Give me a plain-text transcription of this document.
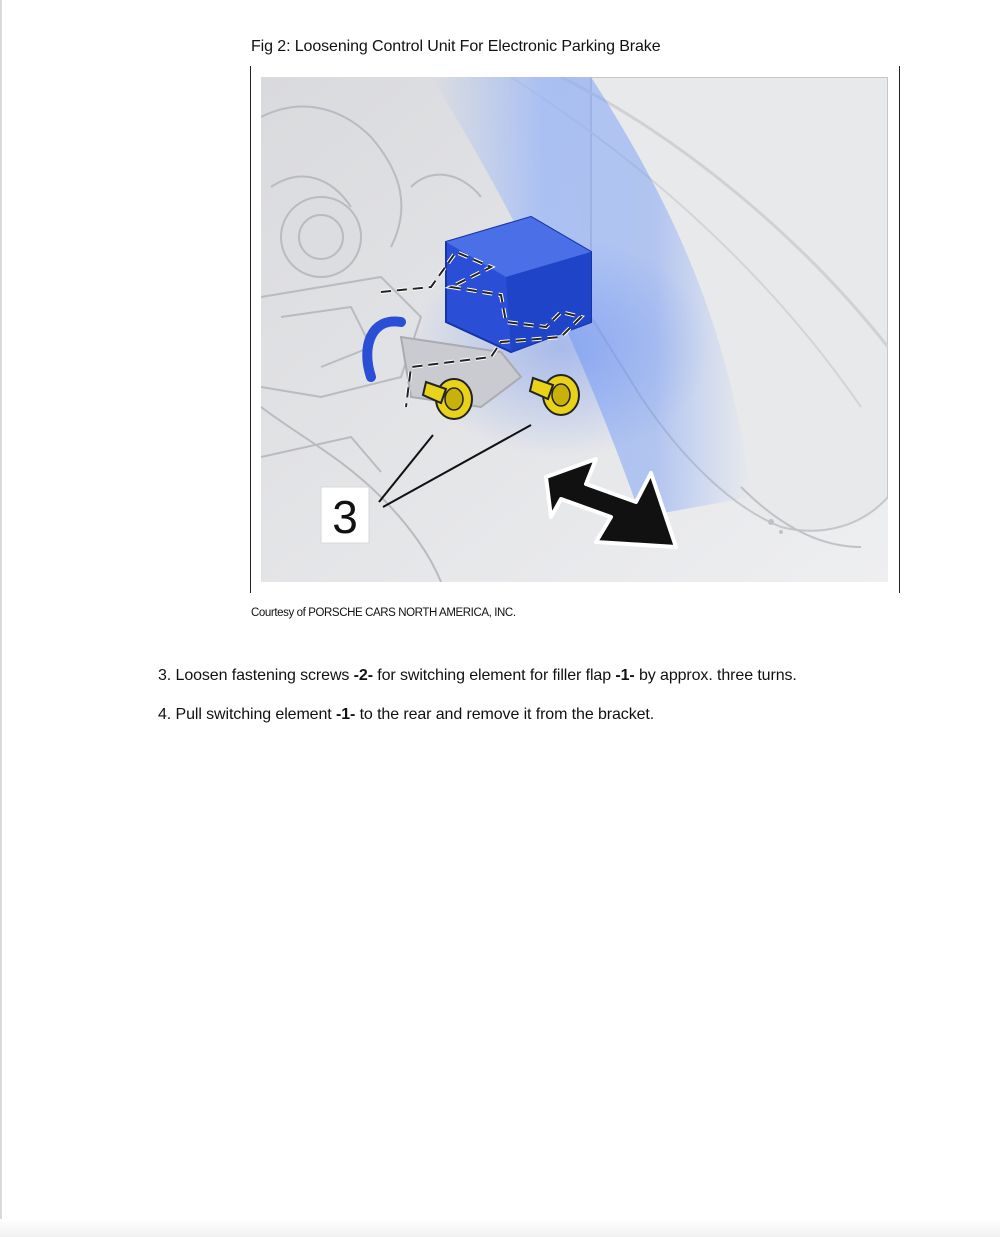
Fig 2: Loosening Control Unit For Electronic Parking Brake
3
Courtesy of PORSCHE CARS NORTH AMERICA, INC.
3. Loosen fastening screws -2- for switching element for filler flap -1- by approx. three turns.
4. Pull switching element -1- to the rear and remove it from the bracket.
